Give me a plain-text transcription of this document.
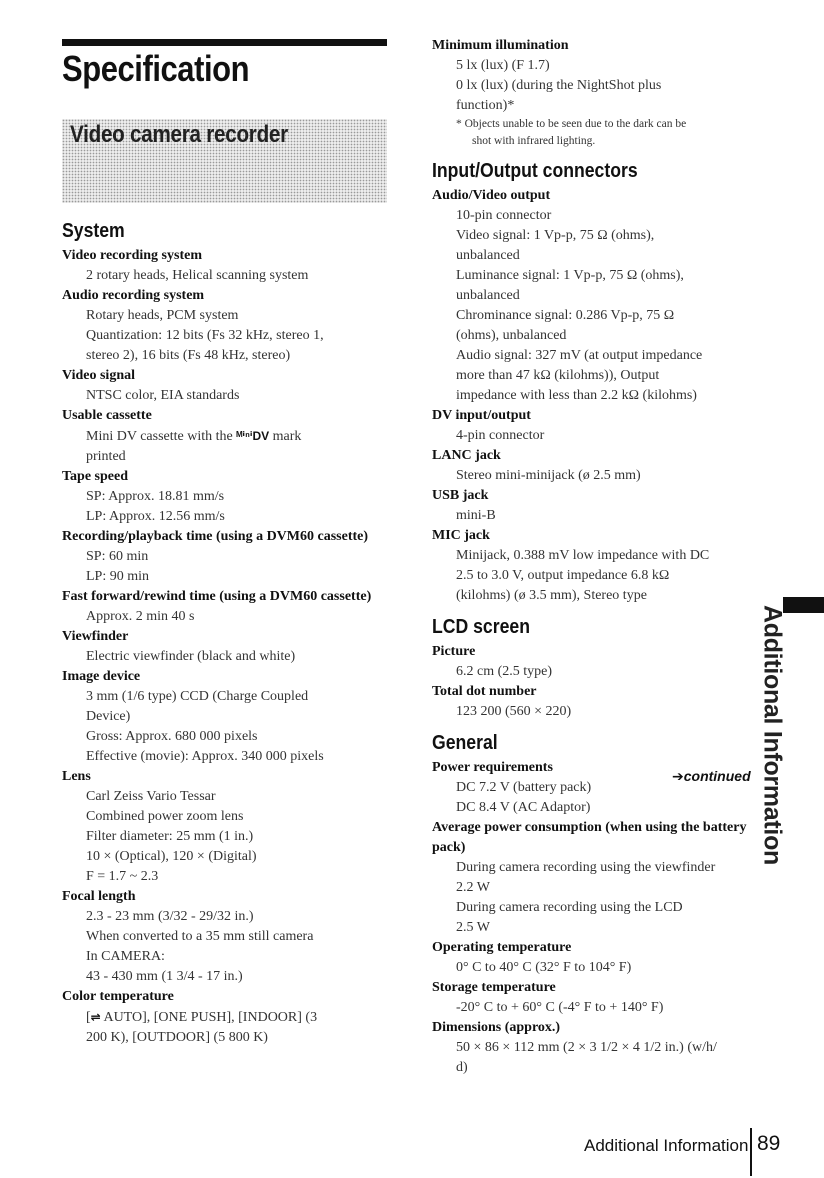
Specification
Video camera recorder
System
Video recording system
2 rotary heads, Helical scanning system
Audio recording system
Rotary heads, PCM system
Quantization: 12 bits (Fs 32 kHz, stereo 1,
stereo 2), 16 bits (Fs 48 kHz, stereo)
Video signal
NTSC color, EIA standards
Usable cassette
Mini DV cassette with the ᴹⁱⁿⁱDV mark
printed
Tape speed
SP: Approx. 18.81 mm/s
LP: Approx. 12.56 mm/s
Recording/playback time (using a DVM60 cassette)
SP: 60 min
LP: 90 min
Fast forward/rewind time (using a DVM60 cassette)
Approx. 2 min 40 s
Viewfinder
Electric viewfinder (black and white)
Image device
3 mm (1/6 type) CCD (Charge Coupled
Device)
Gross: Approx. 680 000 pixels
Effective (movie): Approx. 340 000 pixels
Lens
Carl Zeiss Vario Tessar
Combined power zoom lens
Filter diameter: 25 mm (1 in.)
10 × (Optical), 120 × (Digital)
F = 1.7 ~ 2.3
Focal length
2.3 - 23 mm (3/32 - 29/32 in.)
When converted to a 35 mm still camera
In CAMERA:
43 - 430 mm (1 3/4 - 17 in.)
Color temperature
[⇌ AUTO], [ONE PUSH], [INDOOR] (3
200 K), [OUTDOOR] (5 800 K)
Minimum illumination
5 lx (lux) (F 1.7)
0 lx (lux) (during the NightShot plus
function)*
* Objects unable to be seen due to the dark can be
shot with infrared lighting.
Input/Output connectors
Audio/Video output
10-pin connector
Video signal: 1 Vp-p, 75 Ω (ohms),
unbalanced
Luminance signal: 1 Vp-p, 75 Ω (ohms),
unbalanced
Chrominance signal: 0.286 Vp-p, 75 Ω
(ohms), unbalanced
Audio signal: 327 mV (at output impedance
more than 47 kΩ (kilohms)), Output
impedance with less than 2.2 kΩ (kilohms)
DV input/output
4-pin connector
LANC jack
Stereo mini-minijack (ø 2.5 mm)
USB jack
mini-B
MIC jack
Minijack, 0.388 mV low impedance with DC
2.5 to 3.0 V, output impedance 6.8 kΩ
(kilohms) (ø 3.5 mm), Stereo type
LCD screen
Picture
6.2 cm (2.5 type)
Total dot number
123 200 (560 × 220)
General
Power requirements
DC 7.2 V (battery pack)
DC 8.4 V (AC Adaptor)
Average power consumption (when using the battery pack)
During camera recording using the viewfinder
2.2 W
During camera recording using the LCD
2.5 W
Operating temperature
0° C to 40° C (32° F to 104° F)
Storage temperature
-20° C to + 60° C (-4° F to + 140° F)
Dimensions (approx.)
50 × 86 × 112 mm (2 × 3 1/2 × 4 1/2 in.) (w/h/
d)
Additional Information
➔continued
Additional Information 89
